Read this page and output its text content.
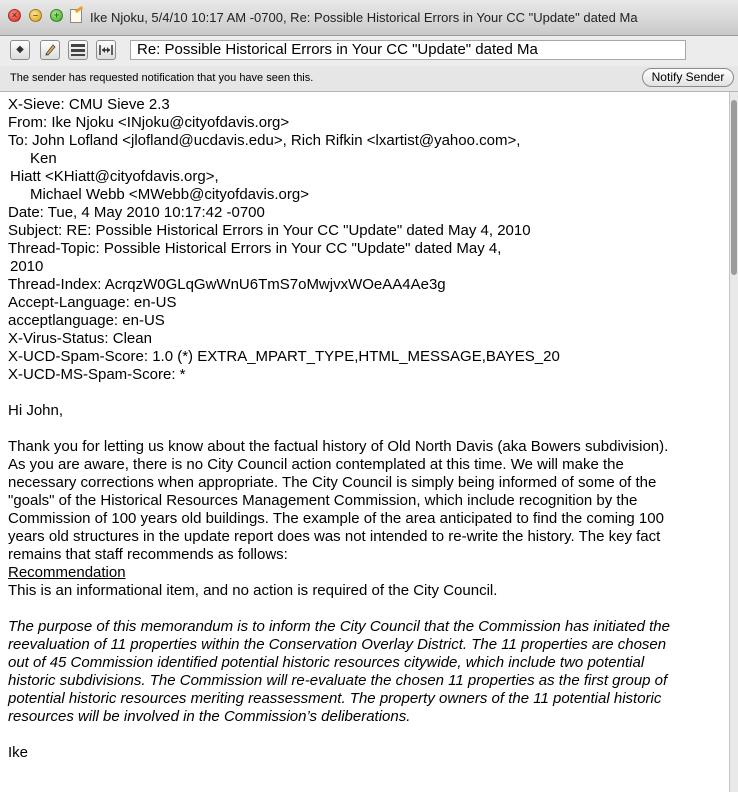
×	–	+ Ike Njoku, 5/4/10 10:17 AM -0700, Re: Possible Historical Errors in Your CC "Update" dated Ma
◆	Re: Possible Historical Errors in Your CC "Update" dated Ma
The sender has requested notification that you have seen this.	Notify Sender
X-Sieve: CMU Sieve 2.3
From: Ike Njoku <INjoku@cityofdavis.org>
To: John Lofland <jlofland@ucdavis.edu>, Rich Rifkin <lxartist@yahoo.com>,
Ken
Hiatt <KHiatt@cityofdavis.org>,
Michael Webb <MWebb@cityofdavis.org>
Date: Tue, 4 May 2010 10:17:42 -0700
Subject: RE: Possible Historical Errors in Your CC "Update" dated May 4, 2010
Thread-Topic: Possible Historical Errors in Your CC "Update" dated May 4,
2010
Thread-Index: AcrqzW0GLqGwWnU6TmS7oMwjvxWOeAA4Ae3g
Accept-Language: en-US
acceptlanguage: en-US
X-Virus-Status: Clean
X-UCD-Spam-Score: 1.0 (*) EXTRA_MPART_TYPE,HTML_MESSAGE,BAYES_20
X-UCD-MS-Spam-Score: *
Hi John,
Thank you for letting us know about the factual history of Old North Davis (aka Bowers subdivision).
As you are aware, there is no City Council action contemplated at this time. We will make the
necessary corrections when appropriate. The City Council is simply being informed of some of the
"goals" of the Historical Resources Management Commission, which include recognition by the
Commission of 100 years old buildings. The example of the area anticipated to find the coming 100
years old structures in the update report does was not intended to re-write the history. The key fact
remains that staff recommends as follows:
Recommendation
This is an informational item, and no action is required of the City Council.
The purpose of this memorandum is to inform the City Council that the Commission has initiated the
reevaluation of 11 properties within the Conservation Overlay District. The 11 properties are chosen
out of 45 Commission identified potential historic resources citywide, which include two potential
historic subdivisions. The Commission will re-evaluate the chosen 11 properties as the first group of
potential historic resources meriting reassessment. The property owners of the 11 potential historic
resources will be involved in the Commission’s deliberations.
Ike
